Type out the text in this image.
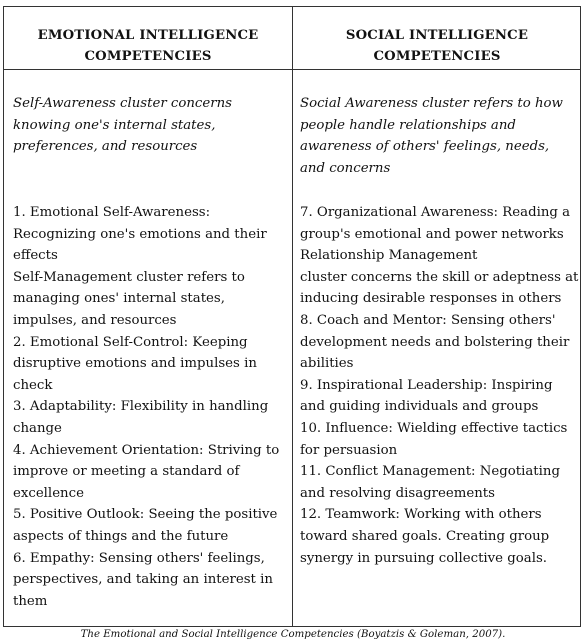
EMOTIONAL INTELLIGENCE COMPETENCIES
SOCIAL INTELLIGENCE COMPETENCIES
Self-Awareness cluster concerns knowing one's internal states, preferences, and resources
Social Awareness cluster refers to how people handle relationships and awareness of others' feelings, needs, and concerns
1. Emotional Self-Awareness: Recognizing one's emotions and their effects
Self-Management cluster refers to managing ones' internal states, impulses, and resources
2. Emotional Self-Control: Keeping disruptive emotions and impulses in check
3. Adaptability: Flexibility in handling change
4. Achievement Orientation: Striving to improve or meeting a standard of excellence
5. Positive Outlook: Seeing the positive aspects of things and the future
6. Empathy: Sensing others' feelings, perspectives, and taking an interest in them
7. Organizational Awareness: Reading a group's emotional and power networks Relationship Management
cluster concerns the skill or adeptness at inducing desirable responses in others
8. Coach and Mentor: Sensing others' development needs and bolstering their abilities
9. Inspirational Leadership: Inspiring and guiding individuals and groups
10. Influence: Wielding effective tactics for persuasion
11. Conflict Management: Negotiating and resolving disagreements
12. Teamwork: Working with others toward shared goals. Creating group synergy in pursuing collective goals.
The Emotional and Social Intelligence Competencies (Boyatzis & Goleman, 2007).
